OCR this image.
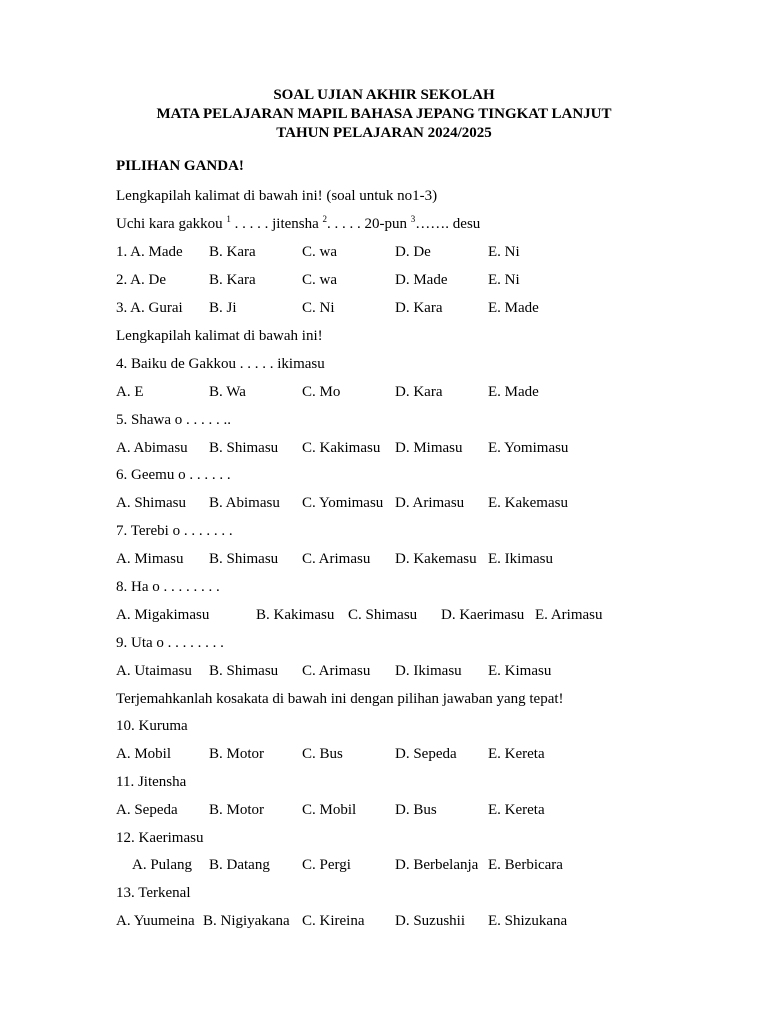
SOAL UJIAN AKHIR SEKOLAH
MATA PELAJARAN MAPIL BAHASA JEPANG TINGKAT LANJUT
TAHUN PELAJARAN 2024/2025
PILIHAN GANDA!
Lengkapilah kalimat di bawah ini! (soal untuk no1-3)
Uchi kara gakkou $^1$ . . . . . jitensha $^2$. . . . . 20-pun $^3$……. desu
1. A. Made B. Kara	C. wa	D. De	E. Ni
2. A. De	B. Kara	C. wa	D. Made	E. Ni
3. A. Gurai B. Ji	C. Ni	D. Kara	E. Made
Lengkapilah kalimat di bawah ini!
4. Baiku de Gakkou . . . . . ikimasu
A. E	B. Wa	C. Mo	D. Kara	E. Made
5. Shawa o . . . . . ..
A. Abimasu B. Shimasu C. Kakimasu D. Mimasu E. Yomimasu
6. Geemu o . . . . . .
A. Shimasu B. Abimasu C. Yomimasu D. Arimasu E. Kakemasu
7. Terebi o . . . . . . .
A. Mimasu B. Shimasu C. Arimasu D. Kakemasu E. Ikimasu
8. Ha o . . . . . . . .
A. Migakimasu	B. Kakimasu C. Shimasu D. Kaerimasu E. Arimasu
9. Uta o . . . . . . . .
A. Utaimasu B. Shimasu C. Arimasu D. Ikimasu E. Kimasu
Terjemahkanlah kosakata di bawah ini dengan pilihan jawaban yang tepat!
10. Kuruma
A. Mobil	B. Motor	C. Bus	D. Sepeda E. Kereta
11. Jitensha
A. Sepeda B. Motor	C. Mobil	D. Bus	E. Kereta
12. Kaerimasu
A. Pulang B. Datang C. Pergi	D. Berbelanja E. Berbicara
13. Terkenal
A. Yuumeina B. Nigiyakana C. Kireina D. Suzushii E. Shizukana
